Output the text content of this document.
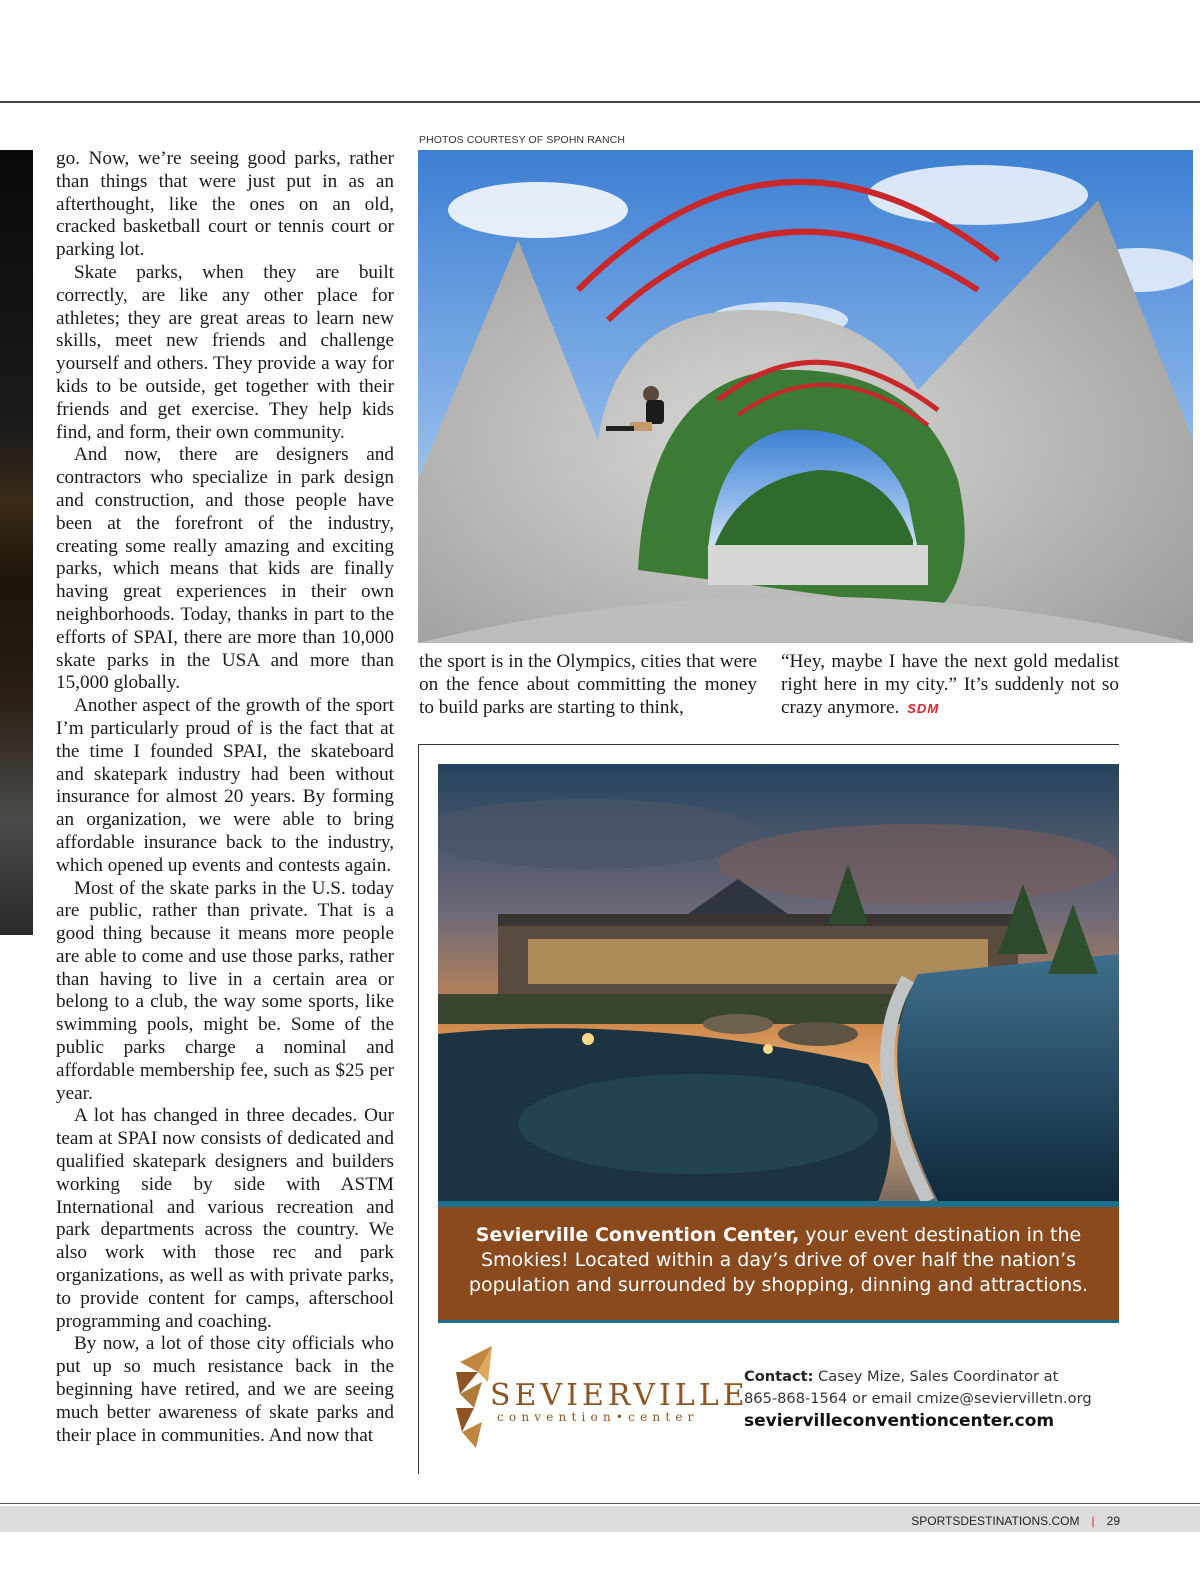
go. Now, we’re seeing good parks, rather than things that were just put in as an afterthought, like the ones on an old, cracked basketball court or tennis court or parking lot.

Skate parks, when they are built correctly, are like any other place for athletes; they are great areas to learn new skills, meet new friends and challenge yourself and others. They provide a way for kids to be outside, get together with their friends and get exercise. They help kids find, and form, their own community.

And now, there are designers and contractors who specialize in park design and construction, and those people have been at the forefront of the industry, creating some really amazing and exciting parks, which means that kids are finally having great experiences in their own neighborhoods. Today, thanks in part to the efforts of SPAI, there are more than 10,000 skate parks in the USA and more than 15,000 globally.

Another aspect of the growth of the sport I’m particularly proud of is the fact that at the time I founded SPAI, the skateboard and skatepark industry had been without insurance for almost 20 years. By forming an organization, we were able to bring affordable insurance back to the industry, which opened up events and contests again.

Most of the skate parks in the U.S. today are public, rather than private. That is a good thing because it means more people are able to come and use those parks, rather than having to live in a certain area or belong to a club, the way some sports, like swimming pools, might be. Some of the public parks charge a nominal and affordable membership fee, such as $25 per year.

A lot has changed in three decades. Our team at SPAI now consists of dedicated and qualified skatepark designers and builders working side by side with ASTM International and various recreation and park departments across the country. We also work with those rec and park organizations, as well as with private parks, to provide content for camps, afterschool programming and coaching.

By now, a lot of those city officials who put up so much resistance back in the beginning have retired, and we are seeing much better awareness of skate parks and their place in communities. And now that

PHOTOS COURTESY OF SPOHN RANCH

the sport is in the Olympics, cities that were on the fence about committing the money to build parks are starting to think,

“Hey, maybe I have the next gold medalist right here in my city.” It’s suddenly not so crazy anymore. SDM

Sevierville Convention Center, your event destination in the Smokies! Located within a day’s drive of over half the nation’s population and surrounded by shopping, dinning and attractions.
SEVIERVILLE
convention•center
Contact: Casey Mize, Sales Coordinator at
865-868-1564 or email cmize@seviervilletn.org
seviervilleconventioncenter.com
SPORTSDESTINATIONS.COM | 29
